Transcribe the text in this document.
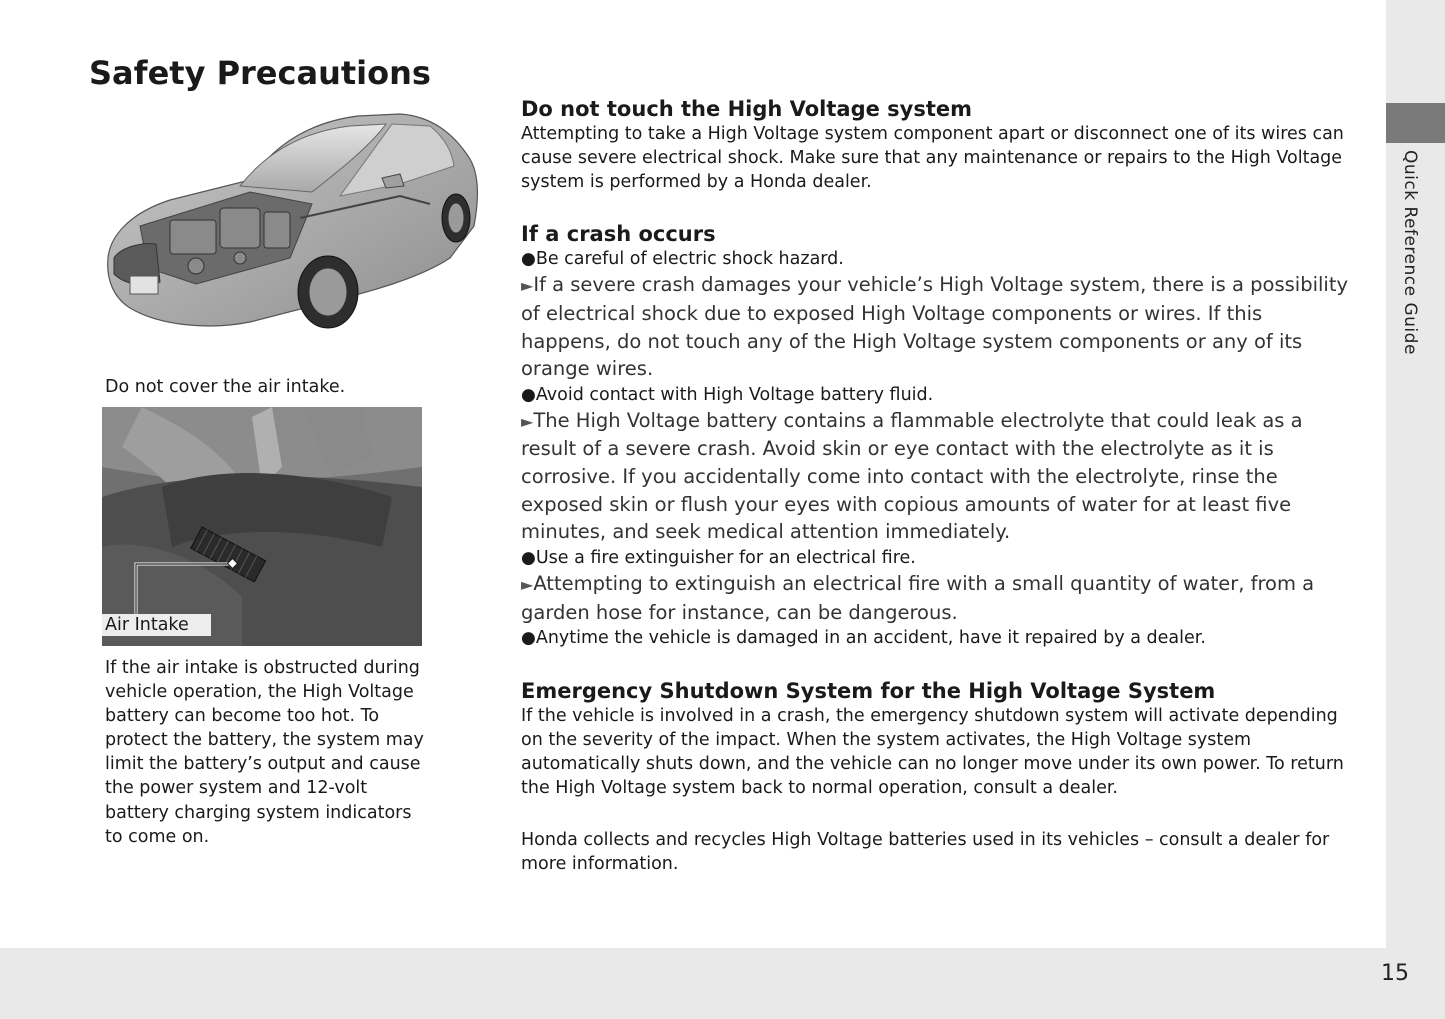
Quick Reference Guide
15
Safety Precautions
Do not cover the air intake.
Air Intake

If the air intake is obstructed during vehicle operation, the High Voltage battery can become too hot. To protect the battery, the system may limit the battery’s output and cause the power system and 12-volt battery charging system indicators to come on.

Do not touch the High Voltage system

Attempting to take a High Voltage system component apart or disconnect one of its wires can cause severe electrical shock. Make sure that any maintenance or repairs to the High Voltage system is performed by a Honda dealer.

If a crash occurs

●Be careful of electric shock hazard.

►If a severe crash damages your vehicle’s High Voltage system, there is a possibility of electrical shock due to exposed High Voltage components or wires. If this happens, do not touch any of the High Voltage system components or any of its orange wires.

●Avoid contact with High Voltage battery fluid.

►The High Voltage battery contains a flammable electrolyte that could leak as a result of a severe crash. Avoid skin or eye contact with the electrolyte as it is corrosive. If you accidentally come into contact with the electrolyte, rinse the exposed skin or flush your eyes with copious amounts of water for at least five minutes, and seek medical attention immediately.

●Use a fire extinguisher for an electrical fire.

►Attempting to extinguish an electrical fire with a small quantity of water, from a garden hose for instance, can be dangerous.

●Anytime the vehicle is damaged in an accident, have it repaired by a dealer.

Emergency Shutdown System for the High Voltage System

If the vehicle is involved in a crash, the emergency shutdown system will activate depending on the severity of the impact. When the system activates, the High Voltage system automatically shuts down, and the vehicle can no longer move under its own power. To return the High Voltage system back to normal operation, consult a dealer.

Honda collects and recycles High Voltage batteries used in its vehicles – consult a dealer for more information.
